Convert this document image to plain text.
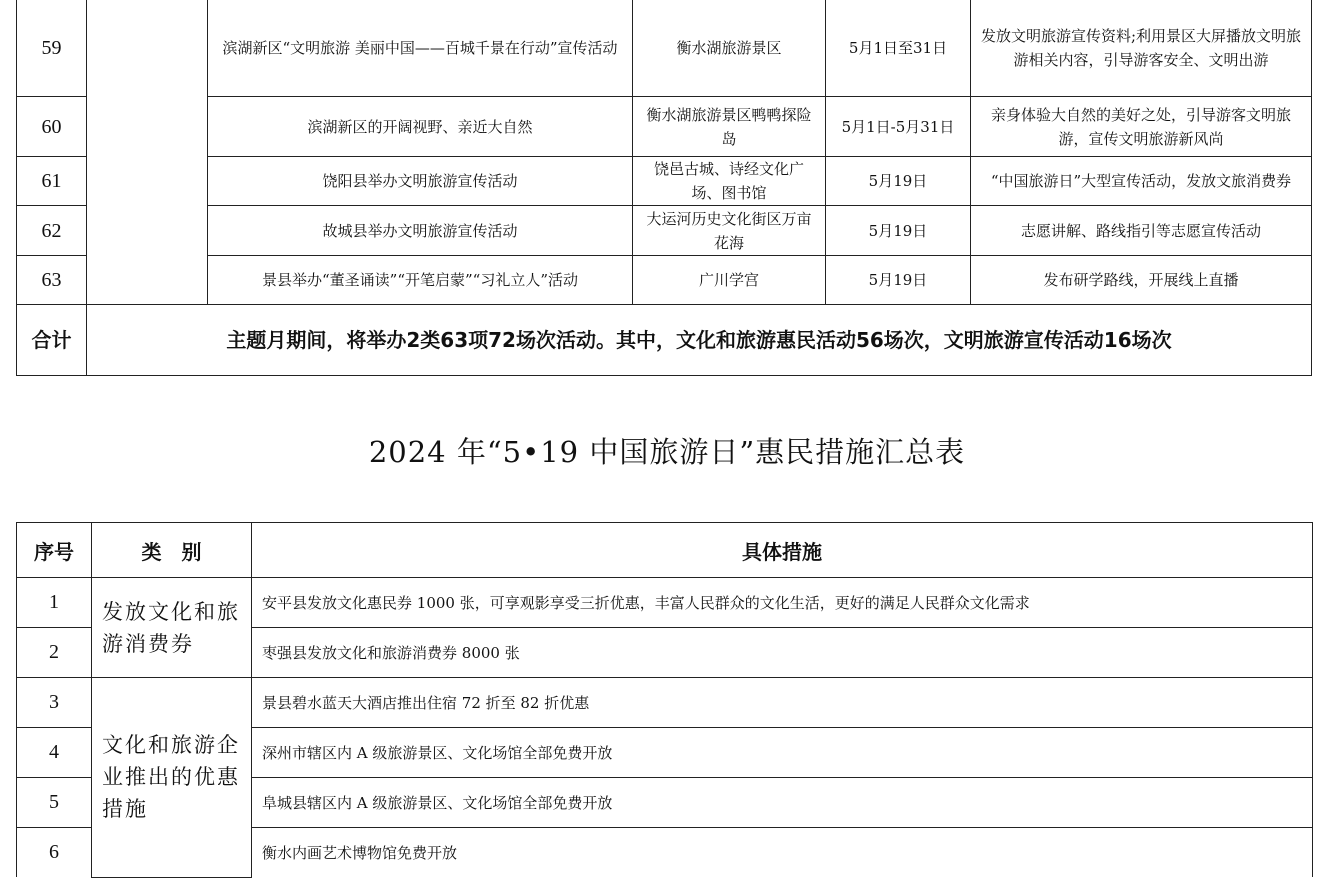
59		滨湖新区“文明旅游 美丽中国——百城千景在行动”宣传活动	衡水湖旅游景区	5月1日至31日	发放文明旅游宣传资料;利用景区大屏播放文明旅游相关内容，引导游客安全、文明出游
60		滨湖新区的开阔视野、亲近大自然	衡水湖旅游景区鸭鸭探险岛	5月1日-5月31日	亲身体验大自然的美好之处，引导游客文明旅游，宣传文明旅游新风尚
61		饶阳县举办文明旅游宣传活动	饶邑古城、诗经文化广场、图书馆	5月19日	“中国旅游日”大型宣传活动，发放文旅消费券
62		故城县举办文明旅游宣传活动	大运河历史文化街区万亩花海	5月19日	志愿讲解、路线指引等志愿宣传活动
63		景县举办“董圣诵读”“开笔启蒙”“习礼立人”活动	广川学宫	5月19日	发布研学路线，开展线上直播
合计	主题月期间，将举办2类63项72场次活动。其中，文化和旅游惠民活动56场次，文明旅游宣传活动16场次				
2024 年“5•19 中国旅游日”惠民措施汇总表
序号	类　别	具体措施
1	发放文化和旅游消费券	安平县发放文化惠民券 1000 张，可享观影享受三折优惠，丰富人民群众的文化生活，更好的满足人民群众文化需求
2		枣强县发放文化和旅游消费券 8000 张
3	文化和旅游企业推出的优惠措施	景县碧水蓝天大酒店推出住宿 72 折至 82 折优惠
4		深州市辖区内 A 级旅游景区、文化场馆全部免费开放
5		阜城县辖区内 A 级旅游景区、文化场馆全部免费开放
6		衡水内画艺术博物馆免费开放
